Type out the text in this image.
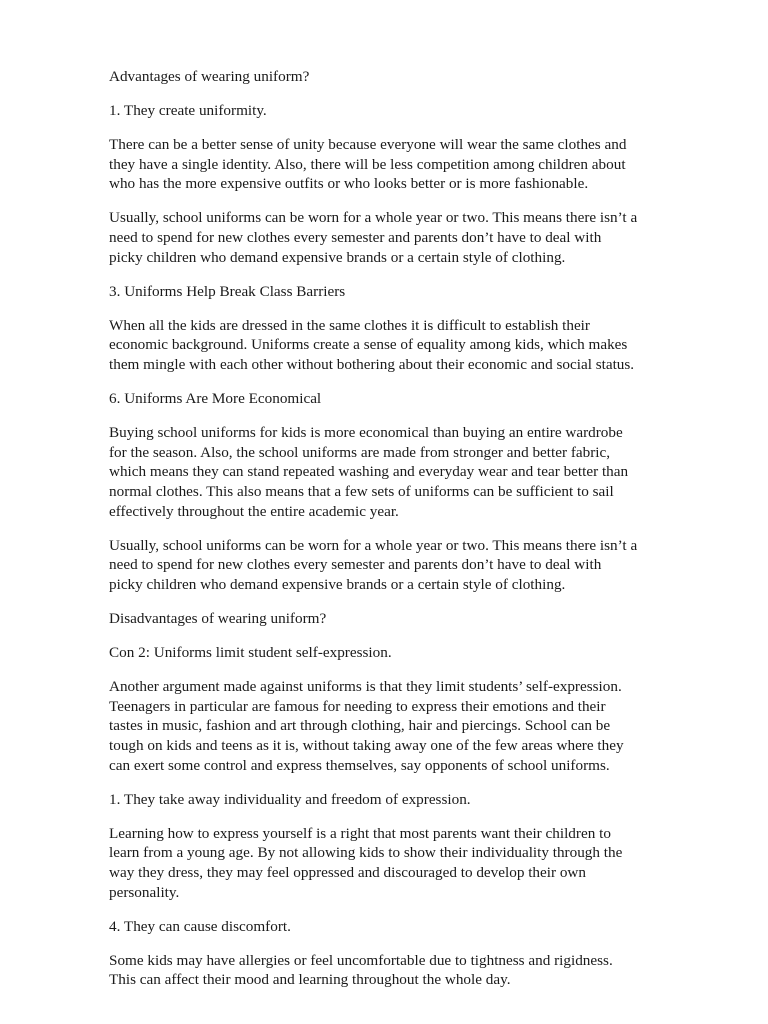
Advantages of wearing uniform?

1. They create uniformity.

There can be a better sense of unity because everyone will wear the same clothes and
they have a single identity. Also, there will be less competition among children about
who has the more expensive outfits or who looks better or is more fashionable.

Usually, school uniforms can be worn for a whole year or two. This means there isn’t a
need to spend for new clothes every semester and parents don’t have to deal with
picky children who demand expensive brands or a certain style of clothing.

3. Uniforms Help Break Class Barriers

When all the kids are dressed in the same clothes it is difficult to establish their
economic background. Uniforms create a sense of equality among kids, which makes
them mingle with each other without bothering about their economic and social status.

6. Uniforms Are More Economical

Buying school uniforms for kids is more economical than buying an entire wardrobe
for the season. Also, the school uniforms are made from stronger and better fabric,
which means they can stand repeated washing and everyday wear and tear better than
normal clothes. This also means that a few sets of uniforms can be sufficient to sail
effectively throughout the entire academic year.

Usually, school uniforms can be worn for a whole year or two. This means there isn’t a
need to spend for new clothes every semester and parents don’t have to deal with
picky children who demand expensive brands or a certain style of clothing.

Disadvantages of wearing uniform?

Con 2: Uniforms limit student self-expression.

Another argument made against uniforms is that they limit students’ self-expression.
Teenagers in particular are famous for needing to express their emotions and their
tastes in music, fashion and art through clothing, hair and piercings. School can be
tough on kids and teens as it is, without taking away one of the few areas where they
can exert some control and express themselves, say opponents of school uniforms.

1. They take away individuality and freedom of expression.

Learning how to express yourself is a right that most parents want their children to
learn from a young age. By not allowing kids to show their individuality through the
way they dress, they may feel oppressed and discouraged to develop their own
personality.

4. They can cause discomfort.

Some kids may have allergies or feel uncomfortable due to tightness and rigidness.
This can affect their mood and learning throughout the whole day.
